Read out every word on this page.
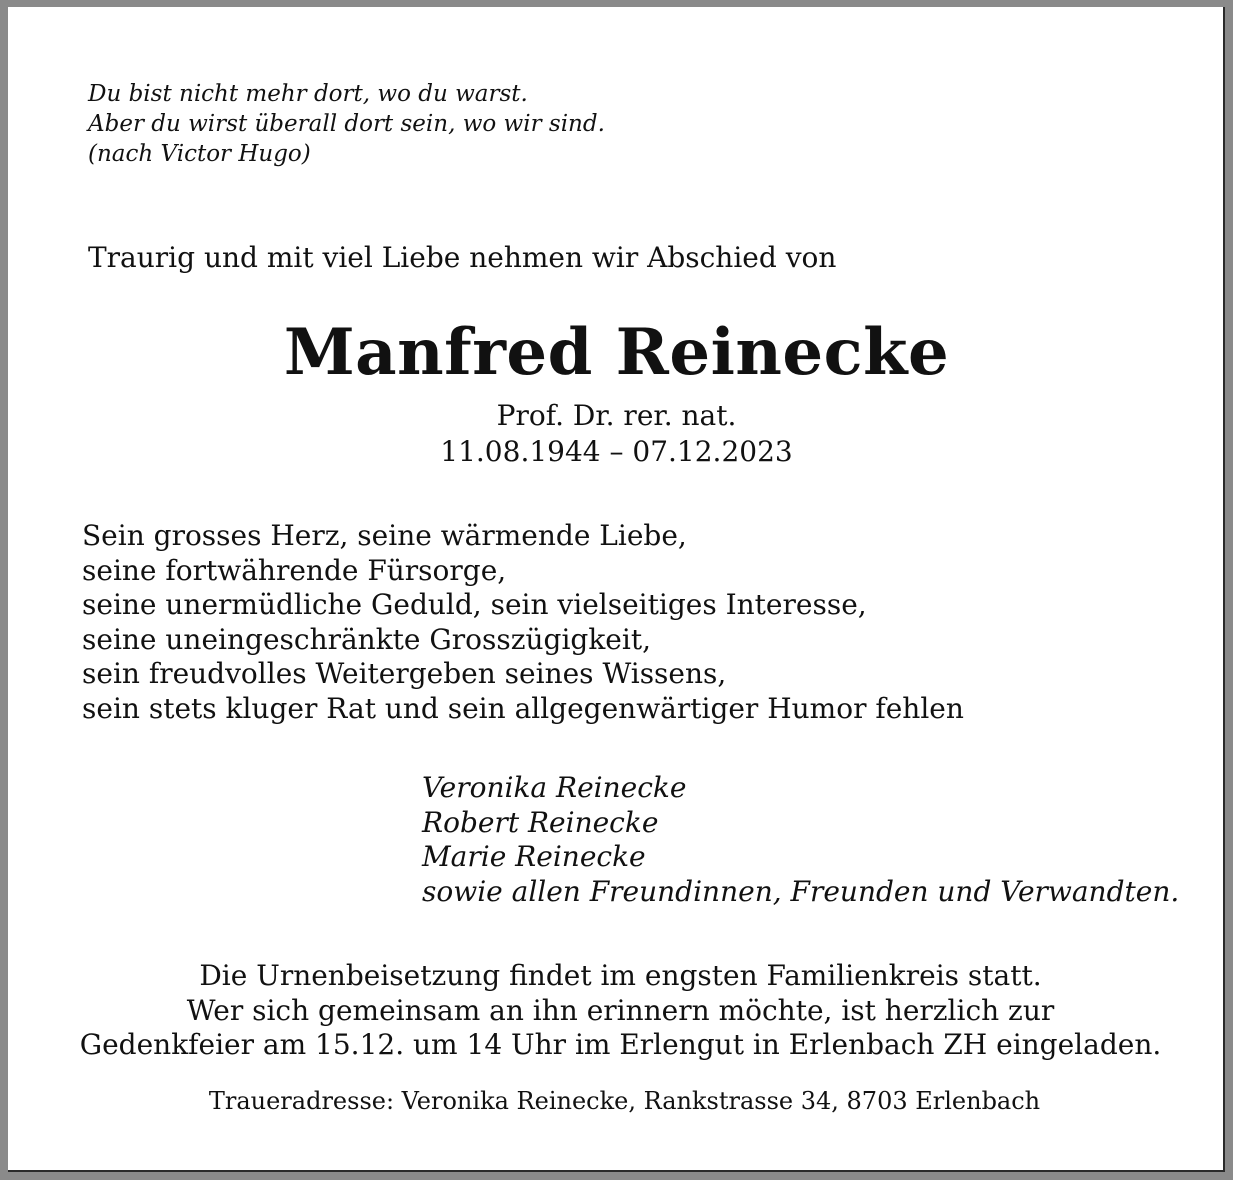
Du bist nicht mehr dort, wo du warst.
Aber du wirst überall dort sein, wo wir sind.
(nach Victor Hugo)
Traurig und mit viel Liebe nehmen wir Abschied von
Manfred Reinecke
Prof. Dr. rer. nat.
11.08.1944 – 07.12.2023
Sein grosses Herz, seine wärmende Liebe,
seine fortwährende Fürsorge,
seine unermüdliche Geduld, sein vielseitiges Interesse,
seine uneingeschränkte Grosszügigkeit,
sein freudvolles Weitergeben seines Wissens,
sein stets kluger Rat und sein allgegenwärtiger Humor fehlen
Veronika Reinecke
Robert Reinecke
Marie Reinecke
sowie allen Freundinnen, Freunden und Verwandten.
Die Urnenbeisetzung findet im engsten Familienkreis statt.
Wer sich gemeinsam an ihn erinnern möchte, ist herzlich zur
Gedenkfeier am 15.12. um 14 Uhr im Erlengut in Erlenbach ZH eingeladen.
Traueradresse: Veronika Reinecke, Rankstrasse 34, 8703 Erlenbach
